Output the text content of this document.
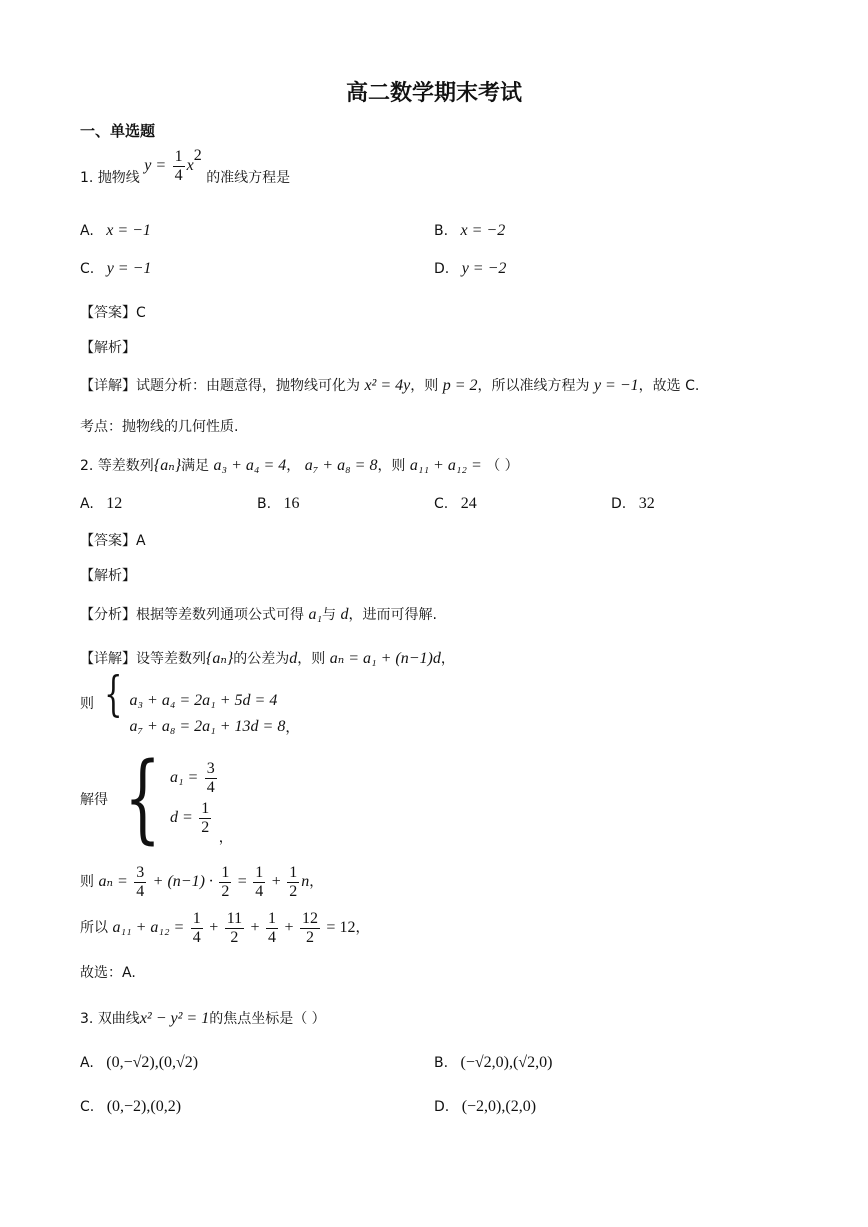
高二数学期末考试
一、单选题
1. 抛物线 $y = \frac{1}{4} x^2$ 的准线方程是
A. x = −1	B. x = −2
C. y = −1	D. y = −2
【答案】C
【解析】
【详解】试题分析：由题意得，抛物线可化为 x² = 4y，则 p = 2，所以准线方程为 y = −1，故选 C.
考点：抛物线的几何性质.
2. 等差数列{aₙ}满足 a₃ + a₄ = 4， a₇ + a₈ = 8，则 a₁₁ + a₁₂ = （ ）
A. 12	B. 16	C. 24	D. 32
【答案】A
【解析】
【分析】根据等差数列通项公式可得 a₁与 d，进而可得解.
【详解】设等差数列{aₙ}的公差为d，则 aₙ = a₁ + (n−1)d，
则 { a₃ + a₄ = 2a₁ + 5d = 4
a₇ + a₈ = 2a₁ + 13d = 8 ，
解得 { $a_1 = \frac{3}{4}$
$d = \frac{1}{2}$
，
则 $a_n = \frac{3}{4} + (n-1) \cdot \frac{1}{2} = \frac{1}{4} + \frac{1}{2}$ n，
所以 $a_{11} + a_{12} = \frac{1}{4} + \frac{11}{2} + \frac{1}{4} + \frac{12}{2} = 12$，
故选：A.
3. 双曲线x² − y² = 1的焦点坐标是（ ）
A. (0,−√2),(0,√2)	B. (−√2,0),(√2,0)
C. (0,−2),(0,2)	D. (−2,0),(2,0)
